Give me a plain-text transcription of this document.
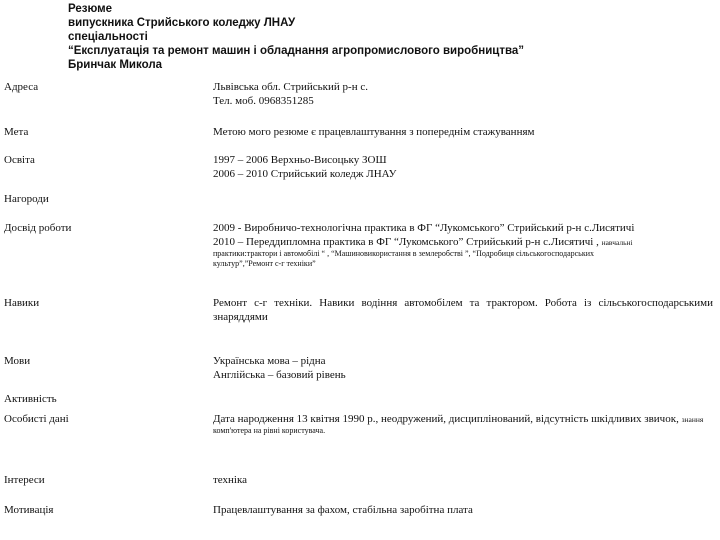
Резюме
випускника Стрийського коледжу ЛНАУ
спеціальності
“Експлуатація та ремонт машин і обладнання агропромислового виробництва”
Бринчак Микола
Адреса	Львівська обл. Стрийський р-н с.
Тел. моб. 0968351285
Мета	Метою мого резюме є працевлаштування з попереднім стажуванням
Освіта	1997 – 2006 Верхньо-Висоцьку ЗОШ
2006 – 2010 Стрийський коледж ЛНАУ
Нагороди
Досвід роботи	2009 - Виробничо-технологічна практика в ФГ “Лукомського” Стрийський р-н с.Лисятичі
2010 – Переддипломна практика в ФГ “Лукомського” Стрийський р-н с.Лисятичі , навчальні
практики:трактори і автомобілі “ , “Машиновикористання в землеробстві ”, “Подробиця сільськогосподарських
культур”,”Ремонт с-г техніки”
Навики	Ремонт с-г техніки. Навики водіння автомобілем та трактором. Робота із сільськогосподарськими знаряддями
Мови	Українська мова – рідна
Англійська – базовий рівень
Активність
Особисті дані	Дата народження 13 квітня 1990 р., неодружений, дисциплінований, відсутність шкідливих звичок, знання
комп'ютера на рівні користувача.
Інтереси	техніка
Мотивація	Працевлаштування за фахом, стабільна заробітна плата
